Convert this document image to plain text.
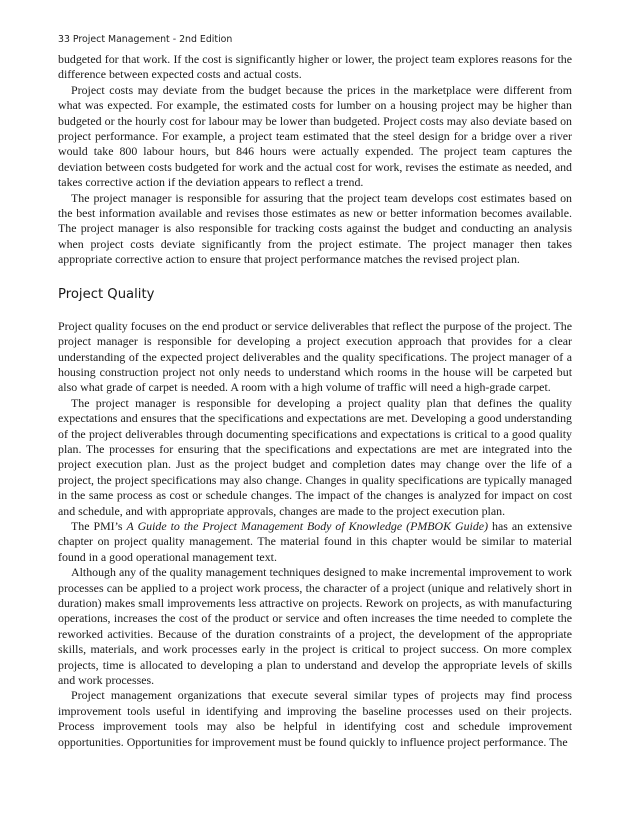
33 Project Management - 2nd Edition

budgeted for that work. If the cost is significantly higher or lower, the project team explores reasons for the difference between expected costs and actual costs.

Project costs may deviate from the budget because the prices in the marketplace were different from what was expected. For example, the estimated costs for lumber on a housing project may be higher than budgeted or the hourly cost for labour may be lower than budgeted. Project costs may also deviate based on project performance. For example, a project team estimated that the steel design for a bridge over a river would take 800 labour hours, but 846 hours were actually expended. The project team captures the deviation between costs budgeted for work and the actual cost for work, revises the estimate as needed, and takes corrective action if the deviation appears to reflect a trend.

The project manager is responsible for assuring that the project team develops cost estimates based on the best information available and revises those estimates as new or better information becomes available. The project manager is also responsible for tracking costs against the budget and conducting an analysis when project costs deviate significantly from the project estimate. The project manager then takes appropriate corrective action to ensure that project performance matches the revised project plan.

Project Quality

Project quality focuses on the end product or service deliverables that reflect the purpose of the project. The project manager is responsible for developing a project execution approach that provides for a clear understanding of the expected project deliverables and the quality specifications. The project manager of a housing construction project not only needs to understand which rooms in the house will be carpeted but also what grade of carpet is needed. A room with a high volume of traffic will need a high-grade carpet.

The project manager is responsible for developing a project quality plan that defines the quality expectations and ensures that the specifications and expectations are met. Developing a good understanding of the project deliverables through documenting specifications and expectations is critical to a good quality plan. The processes for ensuring that the specifications and expectations are met are integrated into the project execution plan. Just as the project budget and completion dates may change over the life of a project, the project specifications may also change. Changes in quality specifications are typically managed in the same process as cost or schedule changes. The impact of the changes is analyzed for impact on cost and schedule, and with appropriate approvals, changes are made to the project execution plan.

The PMI’s A Guide to the Project Management Body of Knowledge (PMBOK Guide) has an extensive chapter on project quality management. The material found in this chapter would be similar to material found in a good operational management text.

Although any of the quality management techniques designed to make incremental improvement to work processes can be applied to a project work process, the character of a project (unique and relatively short in duration) makes small improvements less attractive on projects. Rework on projects, as with manufacturing operations, increases the cost of the product or service and often increases the time needed to complete the reworked activities. Because of the duration constraints of a project, the development of the appropriate skills, materials, and work processes early in the project is critical to project success. On more complex projects, time is allocated to developing a plan to understand and develop the appropriate levels of skills and work processes.

Project management organizations that execute several similar types of projects may find process improvement tools useful in identifying and improving the baseline processes used on their projects. Process improvement tools may also be helpful in identifying cost and schedule improvement opportunities. Opportunities for improvement must be found quickly to influence project performance. The
